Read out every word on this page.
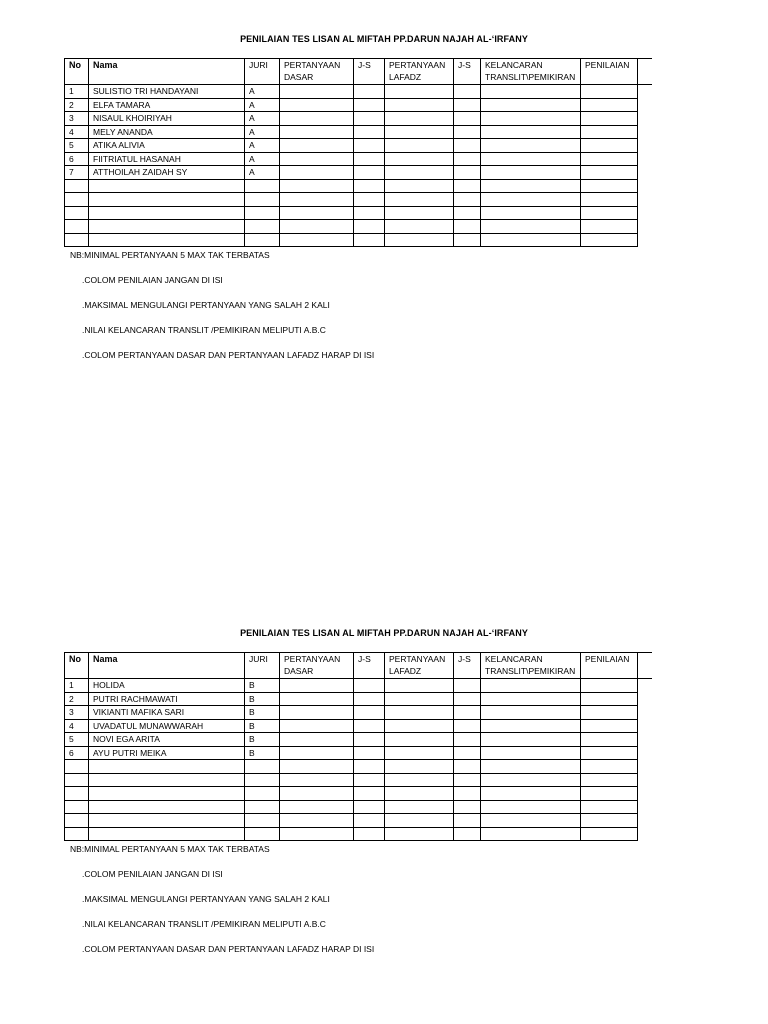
PENILAIAN TES LISAN AL MIFTAH PP.DARUN NAJAH AL-‘IRFANY
No	Nama	JURI	PERTANYAAN DASAR	J-S	PERTANYAAN LAFADZ	J-S	KELANCARAN TRANSLIT\PEMIKIRAN	PENILAIAN	
1	SULISTIO TRI HANDAYANI	A							
2	ELFA TAMARA	A							
3	NISAUL KHOIRIYAH	A							
4	MELY ANANDA	A							
5	ATIKA ALIVIA	A							
6	FIITRIATUL HASANAH	A							
7	ATTHOILAH ZAIDAH SY	A							

NB:MINIMAL PERTANYAAN 5 MAX TAK TERBATAS
.COLOM PENILAIAN JANGAN DI ISI
.MAKSIMAL MENGULANGI PERTANYAAN YANG SALAH 2 KALI
.NILAI KELANCARAN TRANSLIT /PEMIKIRAN MELIPUTI A.B.C
.COLOM PERTANYAAN DASAR DAN PERTANYAAN LAFADZ HARAP DI ISI
PENILAIAN TES LISAN AL MIFTAH PP.DARUN NAJAH AL-‘IRFANY
No	Nama	JURI	PERTANYAAN DASAR	J-S	PERTANYAAN LAFADZ	J-S	KELANCARAN TRANSLIT\PEMIKIRAN	PENILAIAN	
1	HOLIDA	B							
2	PUTRI RACHMAWATI	B							
3	VIKIANTI MAFIKA SARI	B							
4	UVADATUL MUNAWWARAH	B							
5	NOVI EGA ARITA	B							
6	AYU PUTRI MEIKA	B							

NB:MINIMAL PERTANYAAN 5 MAX TAK TERBATAS
.COLOM PENILAIAN JANGAN DI ISI
.MAKSIMAL MENGULANGI PERTANYAAN YANG SALAH 2 KALI
.NILAI KELANCARAN TRANSLIT /PEMIKIRAN MELIPUTI A.B.C
.COLOM PERTANYAAN DASAR DAN PERTANYAAN LAFADZ HARAP DI ISI
